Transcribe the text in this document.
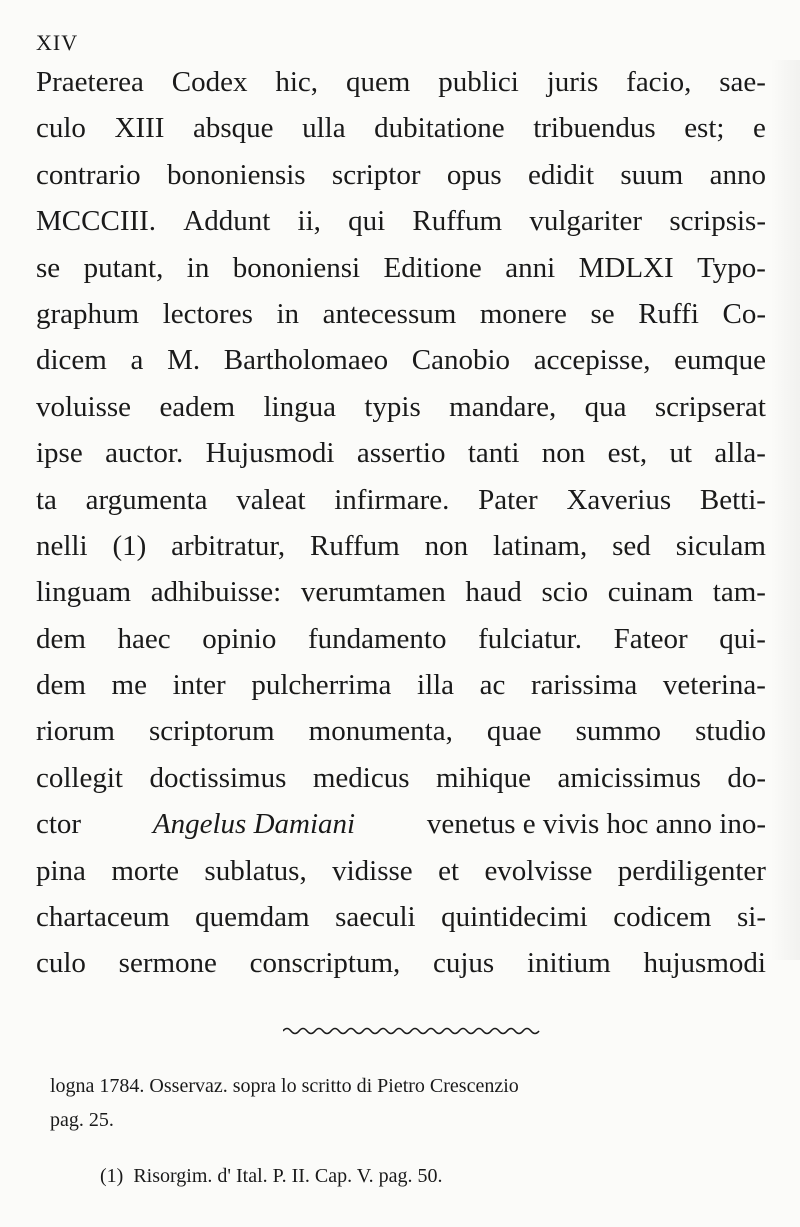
XIV
Praeterea Codex hic, quem publici juris facio, sae-
culo XIII absque ulla dubitatione tribuendus est; e
contrario bononiensis scriptor opus edidit suum anno
MCCCIII. Addunt ii, qui Ruffum vulgariter scripsis-
se putant, in bononiensi Editione anni MDLXI Typo-
graphum lectores in antecessum monere se Ruffi Co-
dicem a M. Bartholomaeo Canobio accepisse, eumque
voluisse eadem lingua typis mandare, qua scripserat
ipse auctor. Hujusmodi assertio tanti non est, ut alla-
ta argumenta valeat infirmare. Pater Xaverius Betti-
nelli (1) arbitratur, Ruffum non latinam, sed siculam
linguam adhibuisse: verumtamen haud scio cuinam tam-
dem haec opinio fundamento fulciatur. Fateor qui-
dem me inter pulcherrima illa ac rarissima veterina-
riorum scriptorum monumenta, quae summo studio
collegit doctissimus medicus mihique amicissimus do-
ctor Angelus Damiani venetus e vivis hoc anno ino-
pina morte sublatus, vidisse et evolvisse perdiligenter
chartaceum quemdam saeculi quintidecimi codicem si-
culo sermone conscriptum, cujus initium hujusmodi
logna 1784. Osservaz. sopra lo scritto di Pietro Crescenzio
pag. 25.
(1) Risorgim. d' Ital. P. II. Cap. V. pag. 50.
